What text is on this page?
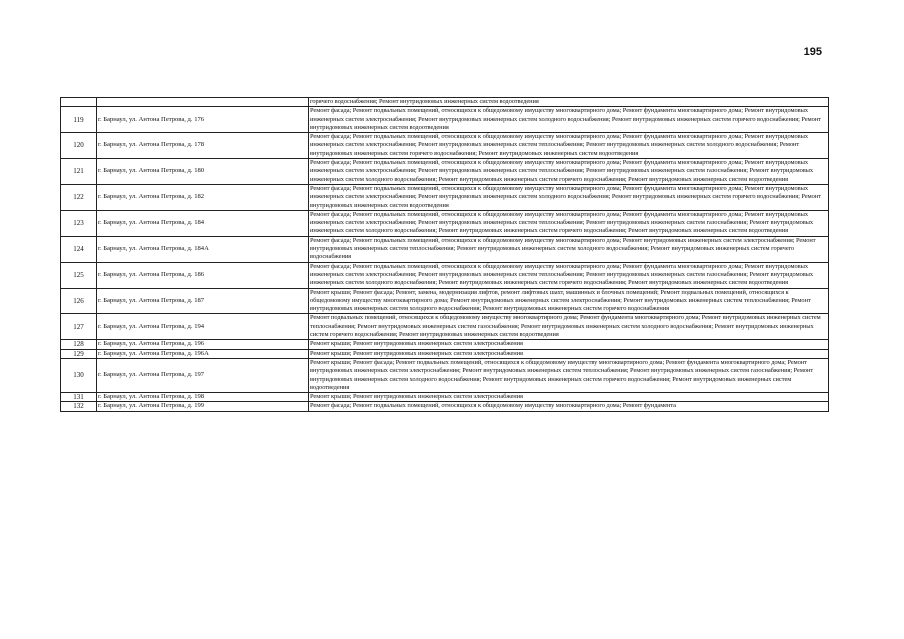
195
		горячего водоснабжения; Ремонт внутридомовых инженерных систем водоотведения
119	г. Барнаул, ул. Антона Петрова, д. 176	Ремонт фасада; Ремонт подвальных помещений, относящихся к общедомовому имуществу многоквартирного дома; Ремонт фундамента многоквартирного дома; Ремонт внутридомовых инженерных систем электроснабжения; Ремонт внутридомовых инженерных систем холодного водоснабжения; Ремонт внутридомовых инженерных систем горячего водоснабжения; Ремонт внутридомовых инженерных систем водоотведения
120	г. Барнаул, ул. Антона Петрова, д. 178	Ремонт фасада; Ремонт подвальных помещений, относящихся к общедомовому имуществу многоквартирного дома; Ремонт фундамента многоквартирного дома; Ремонт внутридомовых инженерных систем электроснабжения; Ремонт внутридомовых инженерных систем теплоснабжения; Ремонт внутридомовых инженерных систем холодного водоснабжения; Ремонт внутридомовых инженерных систем горячего водоснабжения; Ремонт внутридомовых инженерных систем водоотведения
121	г. Барнаул, ул. Антона Петрова, д. 180	Ремонт фасада; Ремонт подвальных помещений, относящихся к общедомовому имуществу многоквартирного дома; Ремонт фундамента многоквартирного дома; Ремонт внутридомовых инженерных систем электроснабжения; Ремонт внутридомовых инженерных систем теплоснабжения; Ремонт внутридомовых инженерных систем газоснабжения; Ремонт внутридомовых инженерных систем холодного водоснабжения; Ремонт внутридомовых инженерных систем горячего водоснабжения; Ремонт внутридомовых инженерных систем водоотведения
122	г. Барнаул, ул. Антона Петрова, д. 182	Ремонт фасада; Ремонт подвальных помещений, относящихся к общедомовому имуществу многоквартирного дома; Ремонт фундамента многоквартирного дома; Ремонт внутридомовых инженерных систем электроснабжения; Ремонт внутридомовых инженерных систем холодного водоснабжения; Ремонт внутридомовых инженерных систем горячего водоснабжения; Ремонт внутридомовых инженерных систем водоотведения
123	г. Барнаул, ул. Антона Петрова, д. 184	Ремонт фасада; Ремонт подвальных помещений, относящихся к общедомовому имуществу многоквартирного дома; Ремонт фундамента многоквартирного дома; Ремонт внутридомовых инженерных систем электроснабжения; Ремонт внутридомовых инженерных систем теплоснабжения; Ремонт внутридомовых инженерных систем газоснабжения; Ремонт внутридомовых инженерных систем холодного водоснабжения; Ремонт внутридомовых инженерных систем горячего водоснабжения; Ремонт внутридомовых инженерных систем водоотведения
124	г. Барнаул, ул. Антона Петрова, д. 184А	Ремонт фасада; Ремонт подвальных помещений, относящихся к общедомовому имуществу многоквартирного дома; Ремонт внутридомовых инженерных систем электроснабжения; Ремонт внутридомовых инженерных систем теплоснабжения; Ремонт внутридомовых инженерных систем холодного водоснабжения; Ремонт внутридомовых инженерных систем горячего водоснабжения
125	г. Барнаул, ул. Антона Петрова, д. 186	Ремонт фасада; Ремонт подвальных помещений, относящихся к общедомовому имуществу многоквартирного дома; Ремонт фундамента многоквартирного дома; Ремонт внутридомовых инженерных систем электроснабжения; Ремонт внутридомовых инженерных систем теплоснабжения; Ремонт внутридомовых инженерных систем газоснабжения; Ремонт внутридомовых инженерных систем холодного водоснабжения; Ремонт внутридомовых инженерных систем горячего водоснабжения; Ремонт внутридомовых инженерных систем водоотведения
126	г. Барнаул, ул. Антона Петрова, д. 187	Ремонт крыши; Ремонт фасада; Ремонт, замена, модернизация лифтов, ремонт лифтовых шахт, машинных и блочных помещений; Ремонт подвальных помещений, относящихся к общедомовому имуществу многоквартирного дома; Ремонт внутридомовых инженерных систем электроснабжения; Ремонт внутридомовых инженерных систем теплоснабжения; Ремонт внутридомовых инженерных систем холодного водоснабжения; Ремонт внутридомовых инженерных систем горячего водоснабжения
127	г. Барнаул, ул. Антона Петрова, д. 194	Ремонт подвальных помещений, относящихся к общедомовому имуществу многоквартирного дома; Ремонт фундамента многоквартирного дома; Ремонт внутридомовых инженерных систем теплоснабжения; Ремонт внутридомовых инженерных систем газоснабжения; Ремонт внутридомовых инженерных систем холодного водоснабжения; Ремонт внутридомовых инженерных систем горячего водоснабжения; Ремонт внутридомовых инженерных систем водоотведения
128	г. Барнаул, ул. Антона Петрова, д. 196	Ремонт крыши; Ремонт внутридомовых инженерных систем электроснабжения
129	г. Барнаул, ул. Антона Петрова, д. 196А	Ремонт крыши; Ремонт внутридомовых инженерных систем электроснабжения
130	г. Барнаул, ул. Антона Петрова, д. 197	Ремонт крыши; Ремонт фасада; Ремонт подвальных помещений, относящихся к общедомовому имуществу многоквартирного дома; Ремонт фундамента многоквартирного дома; Ремонт внутридомовых инженерных систем электроснабжения; Ремонт внутридомовых инженерных систем теплоснабжения; Ремонт внутридомовых инженерных систем газоснабжения; Ремонт внутридомовых инженерных систем холодного водоснабжения; Ремонт внутридомовых инженерных систем горячего водоснабжения; Ремонт внутридомовых инженерных систем водоотведения
131	г. Барнаул, ул. Антона Петрова, д. 198	Ремонт крыши; Ремонт внутридомовых инженерных систем электроснабжения
132	г. Барнаул, ул. Антона Петрова, д. 199	Ремонт фасада; Ремонт подвальных помещений, относящихся к общедомовому имуществу многоквартирного дома; Ремонт фундамента
